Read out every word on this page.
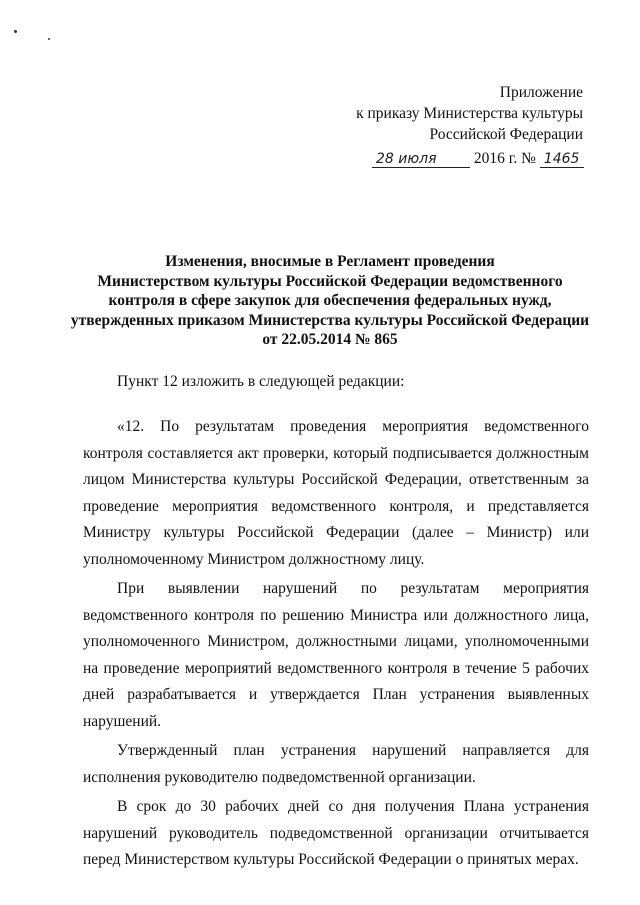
Приложение
к приказу Министерства культуры
Российской Федерации
28 июля 2016 г. № 1465
Изменения, вносимые в Регламент проведения
Министерством культуры Российской Федерации ведомственного
контроля в сфере закупок для обеспечения федеральных нужд,
утвержденных приказом Министерства культуры Российской Федерации
от 22.05.2014 № 865
Пункт 12 изложить в следующей редакции:

«12. По результатам проведения мероприятия ведомственного контроля составляется акт проверки, который подписывается должностным лицом Министерства культуры Российской Федерации, ответственным за проведение мероприятия ведомственного контроля, и представляется Министру культуры Российской Федерации (далее – Министр) или уполномоченному Министром должностному лицу.

При выявлении нарушений по результатам мероприятия ведомственного контроля по решению Министра или должностного лица, уполномоченного Министром, должностными лицами, уполномоченными на проведение мероприятий ведомственного контроля в течение 5 рабочих дней разрабатывается и утверждается План устранения выявленных нарушений.

Утвержденный план устранения нарушений направляется для исполнения руководителю подведомственной организации.

В срок до 30 рабочих дней со дня получения Плана устранения нарушений руководитель подведомственной организации отчитывается перед Министерством культуры Российской Федерации о принятых мерах.
